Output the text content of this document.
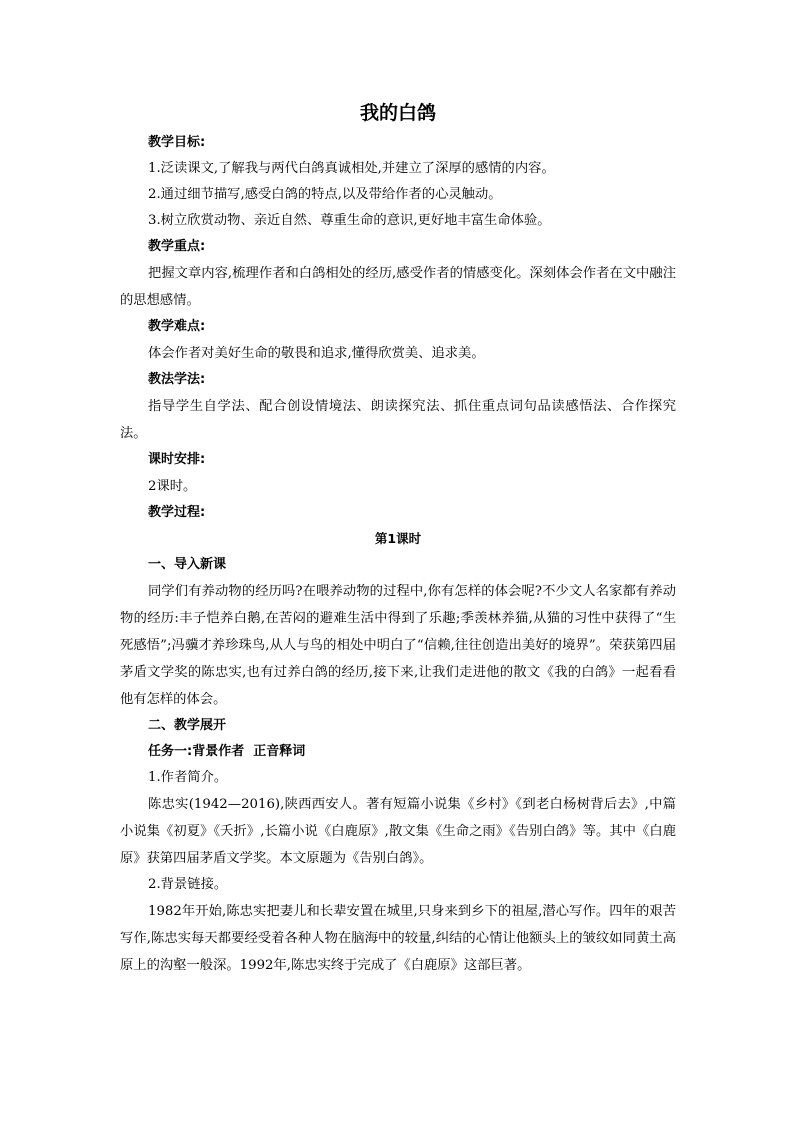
我的白鸽
教学目标:
1.泛读课文,了解我与两代白鸽真诚相处,并建立了深厚的感情的内容。
2.通过细节描写,感受白鸽的特点,以及带给作者的心灵触动。
3.树立欣赏动物、亲近自然、尊重生命的意识,更好地丰富生命体验。
教学重点:

把握文章内容,梳理作者和白鸽相处的经历,感受作者的情感变化。深刻体会作者在文中融注的思想感情。

教学难点:

体会作者对美好生命的敬畏和追求,懂得欣赏美、追求美。

教法学法:

指导学生自学法、配合创设情境法、朗读探究法、抓住重点词句品读感悟法、合作探究法。

课时安排:

2课时。

教学过程:
第1课时
一、导入新课

同学们有养动物的经历吗?在喂养动物的过程中,你有怎样的体会呢?不少文人名家都有养动物的经历:丰子恺养白鹅,在苦闷的避难生活中得到了乐趣;季羡林养猫,从猫的习性中获得了“生死感悟”;冯骥才养珍珠鸟,从人与鸟的相处中明白了“信赖,往往创造出美好的境界”。荣获第四届茅盾文学奖的陈忠实,也有过养白鸽的经历,接下来,让我们走进他的散文《我的白鸽》一起看看他有怎样的体会。

二、教学展开
任务一:背景作者  正音释词
1.作者简介。

陈忠实(1942—2016),陕西西安人。著有短篇小说集《乡村》《到老白杨树背后去》,中篇小说集《初夏》《夭折》,长篇小说《白鹿原》,散文集《生命之雨》《告别白鸽》等。其中《白鹿原》获第四届茅盾文学奖。本文原题为《告别白鸽》。

2.背景链接。

1982年开始,陈忠实把妻儿和长辈安置在城里,只身来到乡下的祖屋,潜心写作。四年的艰苦写作,陈忠实每天都要经受着各种人物在脑海中的较量,纠结的心情让他额头上的皱纹如同黄土高原上的沟壑一般深。1992年,陈忠实终于完成了《白鹿原》这部巨著。
